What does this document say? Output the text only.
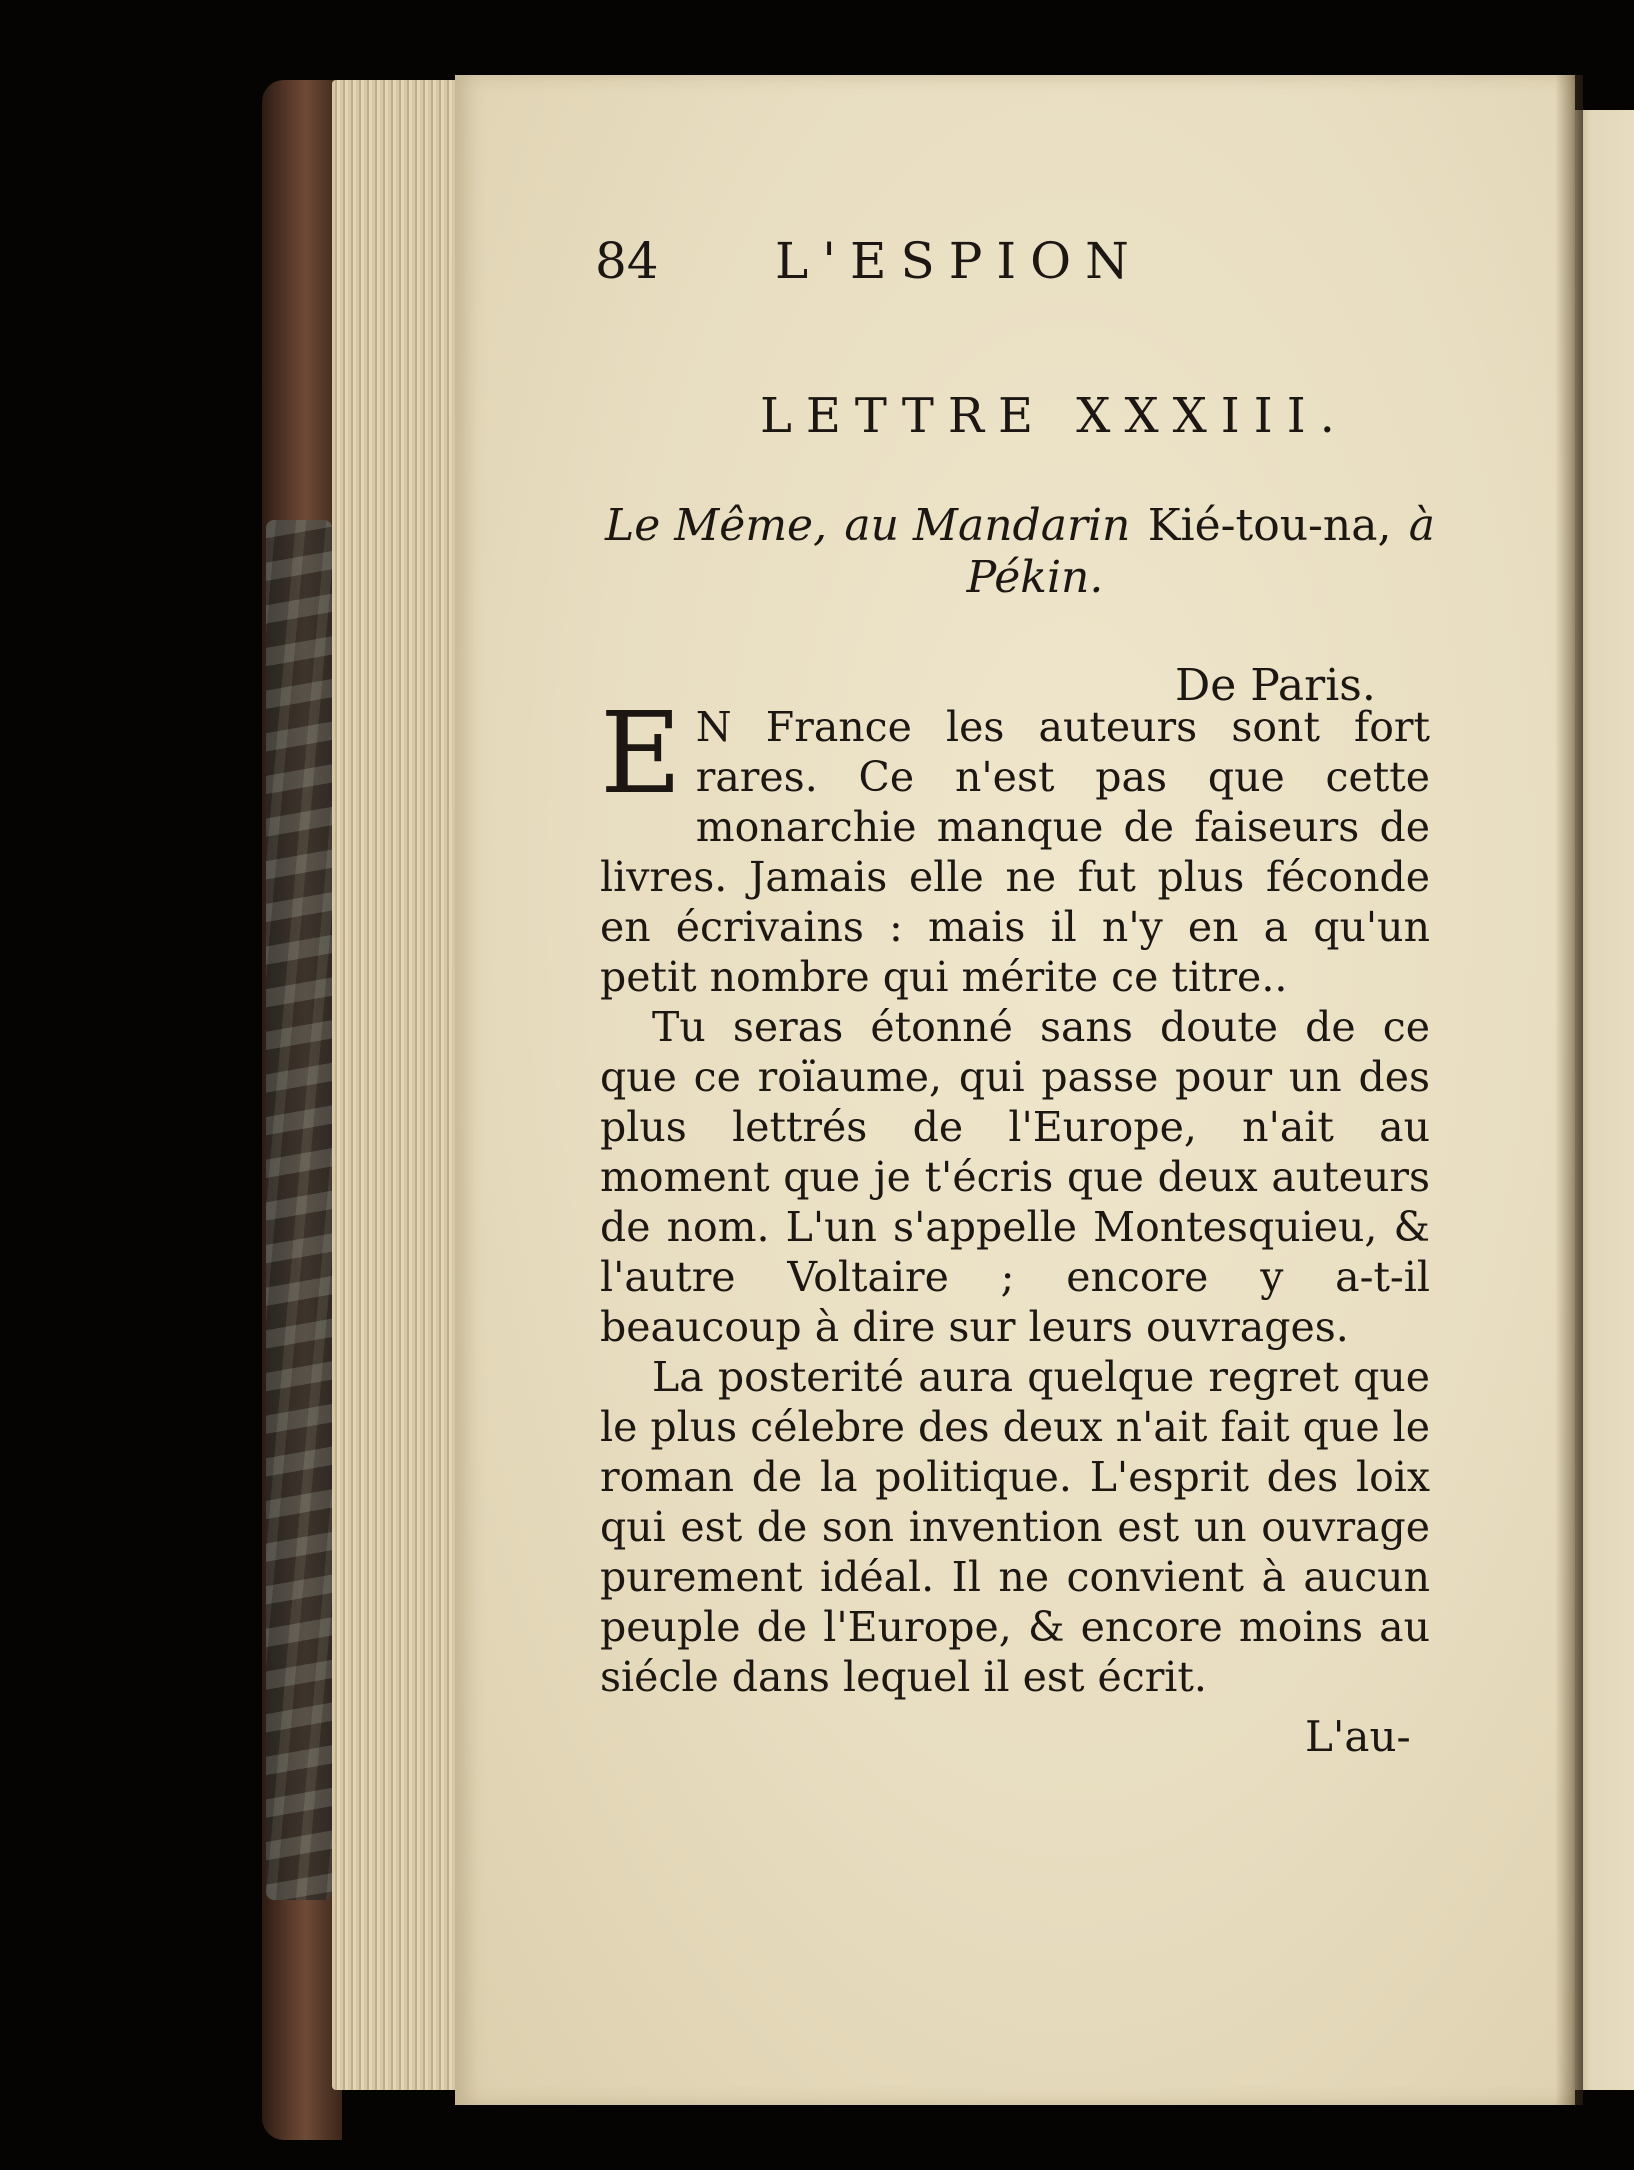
84 L'ESPION
LETTRE XXXIII.
Le Même, au Mandarin Kié-tou-na, à
Pékin.
De Paris.

E N France les auteurs sont fort rares. Ce n'est pas que cette monarchie manque de faiseurs de livres. Jamais elle ne fut plus féconde en écrivains : mais il n'y en a qu'un petit nombre qui mérite ce titre..

Tu seras étonné sans doute de ce que ce roïaume, qui passe pour un des plus lettrés de l'Europe, n'ait au moment que je t'écris que deux auteurs de nom. L'un s'appelle Montesquieu, & l'autre Voltaire ; encore y a-t-il beaucoup à dire sur leurs ouvrages.

La posterité aura quelque regret que le plus célebre des deux n'ait fait que le roman de la politique. L'esprit des loix qui est de son invention est un ouvrage purement idéal. Il ne convient à aucun peuple de l'Europe, & encore moins au siécle dans lequel il est écrit.

L'au-
